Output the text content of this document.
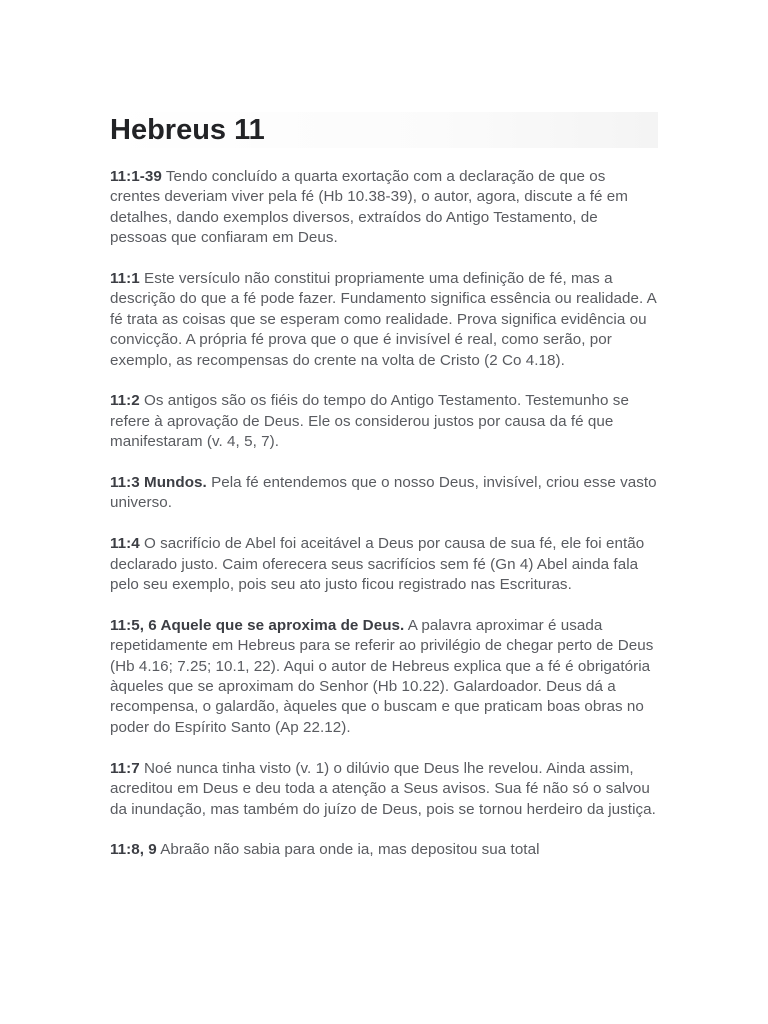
Hebreus 11

11:1-39 Tendo concluído a quarta exortação com a declaração de que os crentes deveriam viver pela fé (Hb 10.38-39), o autor, agora, discute a fé em detalhes, dando exemplos diversos, extraídos do Antigo Testamento, de pessoas que confiaram em Deus.

11:1 Este versículo não constitui propriamente uma definição de fé, mas a descrição do que a fé pode fazer. Fundamento significa essência ou realidade. A fé trata as coisas que se esperam como realidade. Prova significa evidência ou convicção. A própria fé prova que o que é invisível é real, como serão, por exemplo, as recompensas do crente na volta de Cristo (2 Co 4.18).

11:2 Os antigos são os fiéis do tempo do Antigo Testamento. Testemunho se refere à aprovação de Deus. Ele os considerou justos por causa da fé que manifestaram (v. 4, 5, 7).

11:3 Mundos. Pela fé entendemos que o nosso Deus, invisível, criou esse vasto universo.

11:4 O sacrifício de Abel foi aceitável a Deus por causa de sua fé, ele foi então declarado justo. Caim oferecera seus sacrifícios sem fé (Gn 4) Abel ainda fala pelo seu exemplo, pois seu ato justo ficou registrado nas Escrituras.

11:5, 6 Aquele que se aproxima de Deus. A palavra aproximar é usada repetidamente em Hebreus para se referir ao privilégio de chegar perto de Deus (Hb 4.16; 7.25; 10.1, 22). Aqui o autor de Hebreus explica que a fé é obrigatória àqueles que se aproximam do Senhor (Hb 10.22). Galardoador. Deus dá a recompensa, o galardão, àqueles que o buscam e que praticam boas obras no poder do Espírito Santo (Ap 22.12).

11:7 Noé nunca tinha visto (v. 1) o dilúvio que Deus lhe revelou. Ainda assim, acreditou em Deus e deu toda a atenção a Seus avisos. Sua fé não só o salvou da inundação, mas também do juízo de Deus, pois se tornou herdeiro da justiça.

11:8, 9 Abraão não sabia para onde ia, mas depositou sua total
